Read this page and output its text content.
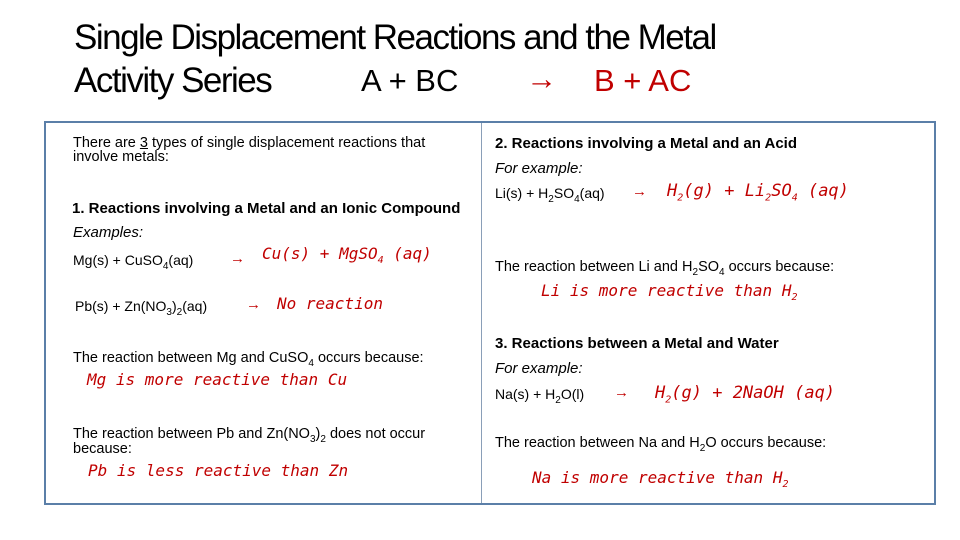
Single Displacement Reactions and the Metal
Activity Series	A + BC → B + AC
There are 3 types of single displacement reactions that
involve metals:
1. Reactions involving a Metal and an Ionic Compound
Examples:
Mg(s) + CuSO$_4$(aq) → Cu(s) + MgSO$_4$ (aq)
$Pb(s) + Zn(NO_3)_2(aq)$	→ No reaction
The reaction between Mg and CuSO$_4$ occurs because:
Mg is more reactive than Cu
The reaction between Pb and $Zn(NO_3)_2$ does not occur
because:
Pb is less reactive than Zn
2. Reactions involving a Metal and an Acid
For example:
$Li(s) + H_2SO_4(aq) \to H_2(g) + Li_2SO_4$ (aq)
The reaction between Li and $H_2SO_4$ occurs because:
Li is more reactive than $H_2$
3. Reactions between a Metal and Water
For example:
$Na(s) + H_2O(l) \to H_2(g)$ + 2NaOH (aq)
The reaction between Na and $H_2O$ occurs because:
Na is more reactive than $H_2$
